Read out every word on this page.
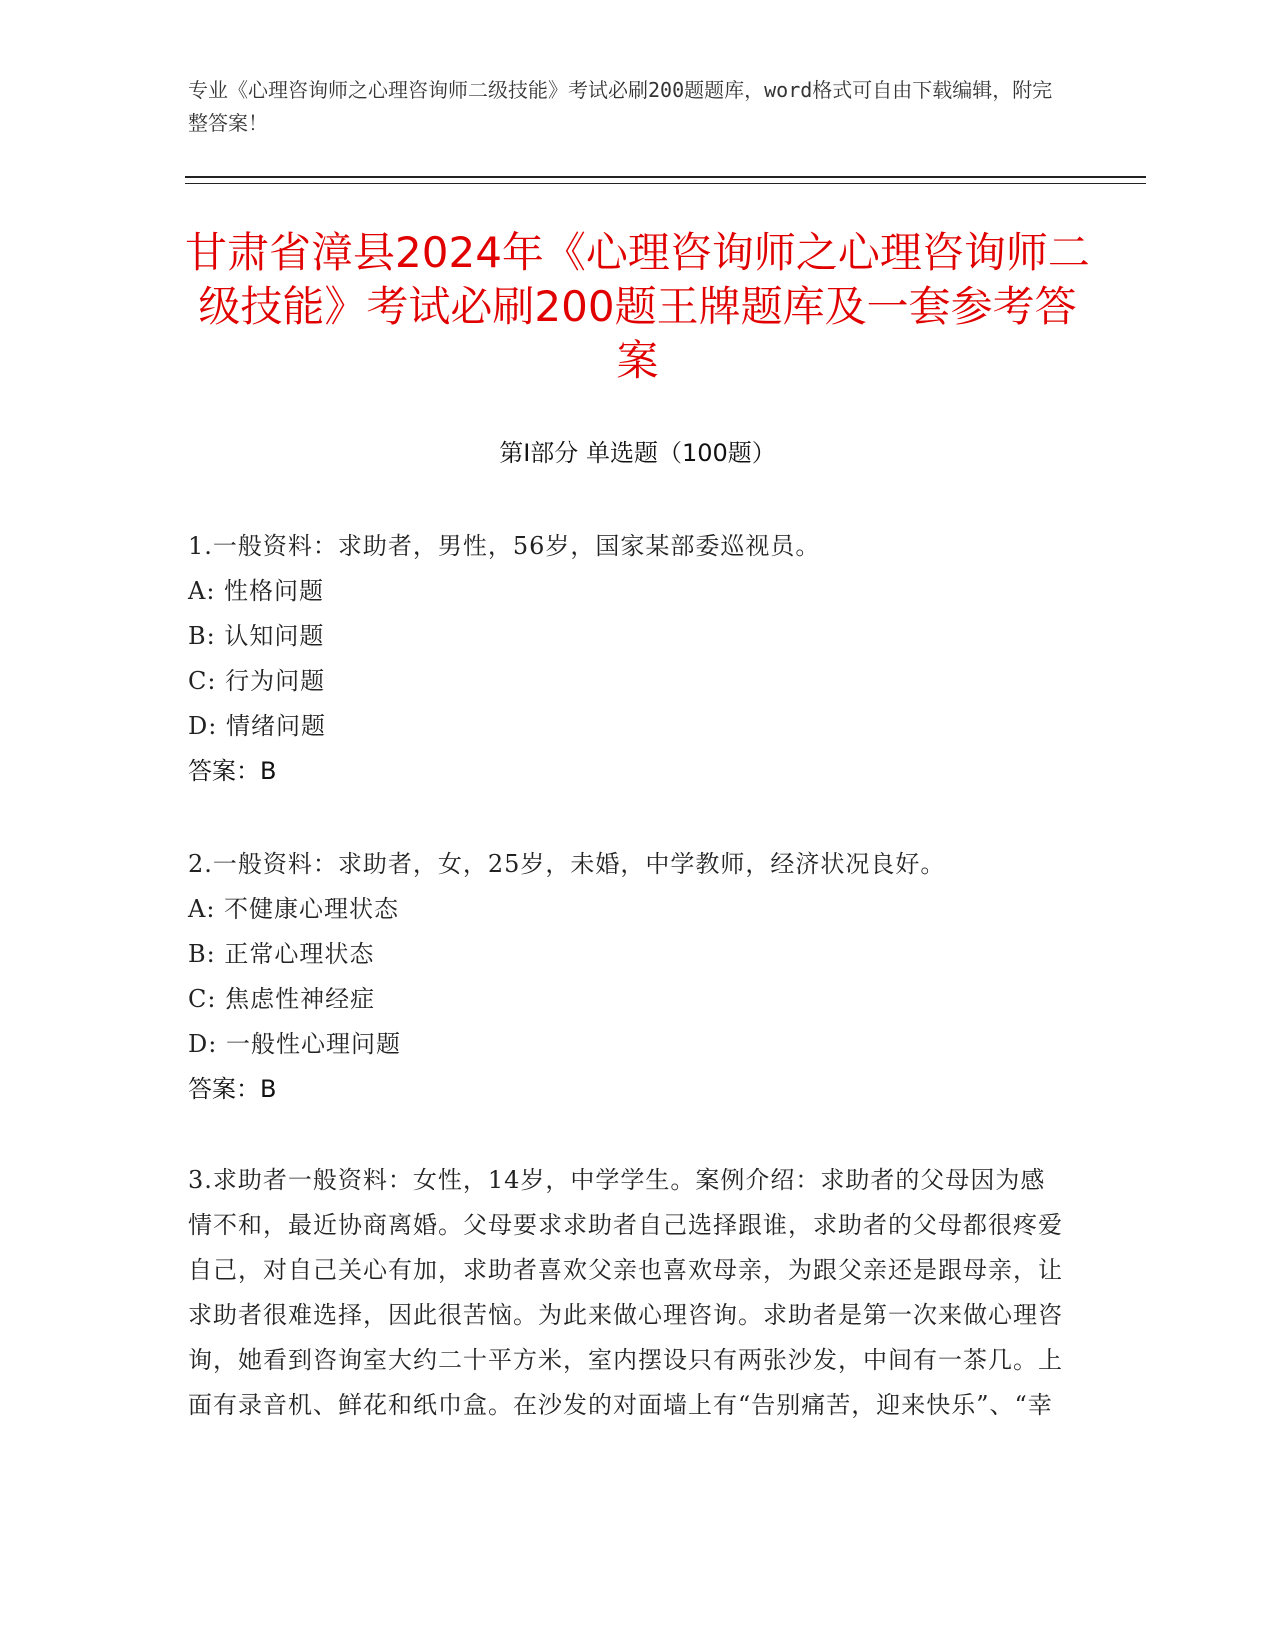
专业《心理咨询师之心理咨询师二级技能》考试必刷200题题库，word格式可自由下载编辑，附完整答案！
甘肃省漳县2024年《心理咨询师之心理咨询师二级技能》考试必刷200题王牌题库及一套参考答案
第Ⅰ部分 单选题（100题）
1.一般资料：求助者，男性，56岁，国家某部委巡视员。
A: 性格问题
B: 认知问题
C: 行为问题
D: 情绪问题
答案：B
2.一般资料：求助者，女，25岁，未婚，中学教师，经济状况良好。
A: 不健康心理状态
B: 正常心理状态
C: 焦虑性神经症
D: 一般性心理问题
答案：B
3.求助者一般资料：女性，14岁，中学学生。案例介绍：求助者的父母因为感情不和，最近协商离婚。父母要求求助者自己选择跟谁，求助者的父母都很疼爱自己，对自己关心有加，求助者喜欢父亲也喜欢母亲，为跟父亲还是跟母亲，让求助者很难选择，因此很苦恼。为此来做心理咨询。求助者是第一次来做心理咨询，她看到咨询室大约二十平方米，室内摆设只有两张沙发，中间有一茶几。上面有录音机、鲜花和纸巾盒。在沙发的对面墙上有“告别痛苦，迎来快乐”、“幸
